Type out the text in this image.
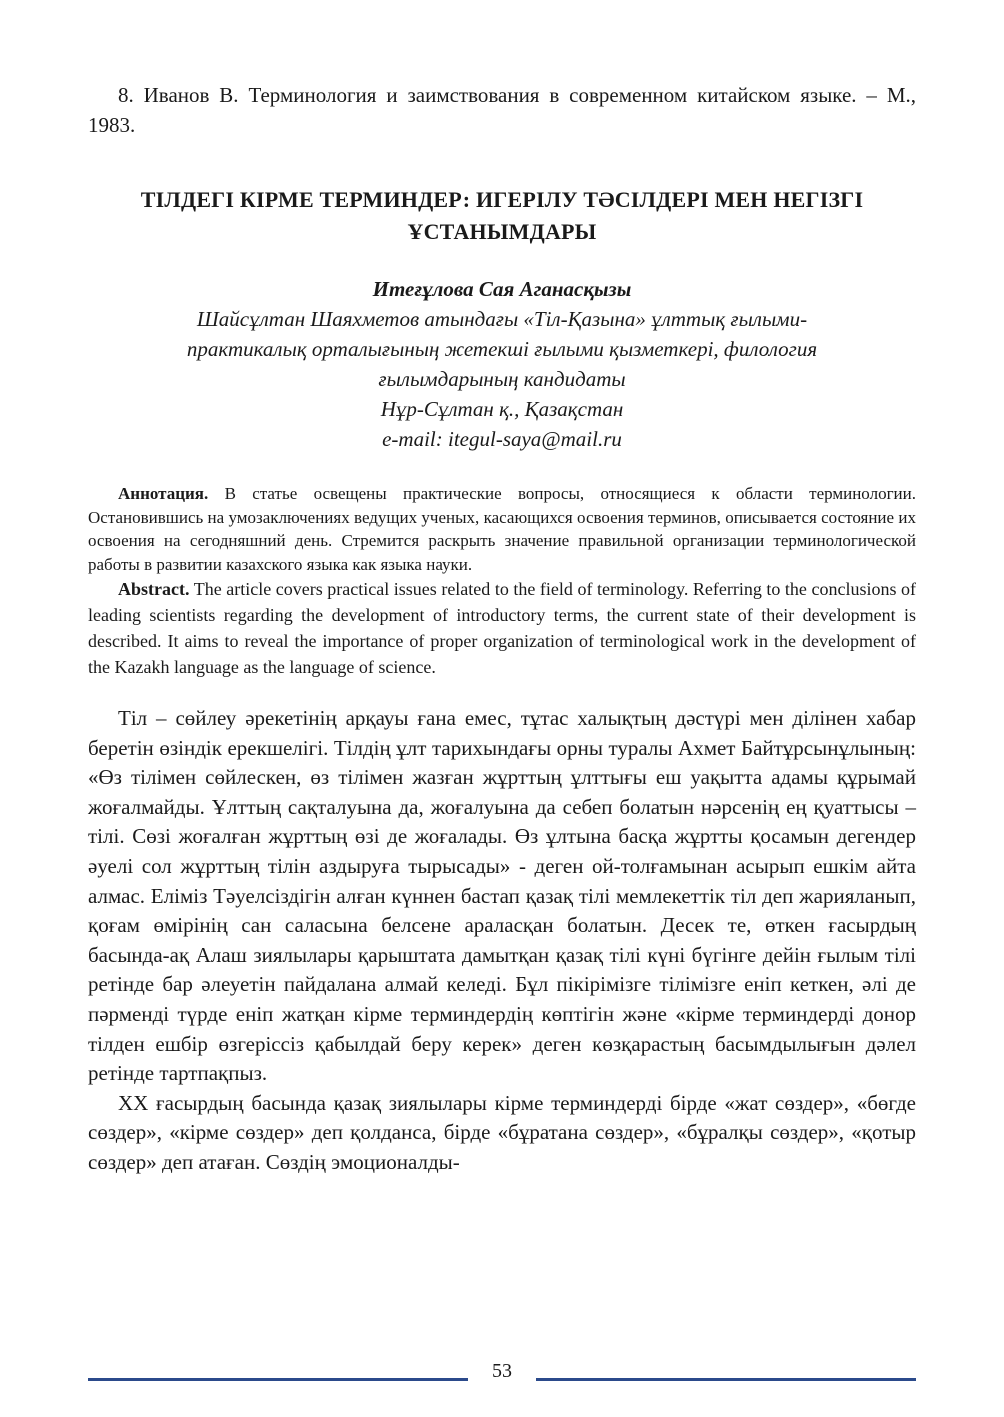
8. Иванов В. Терминология и заимствования в современном китайском языке. – М., 1983.

ТІЛДЕГІ КІРМЕ ТЕРМИНДЕР: ИГЕРІЛУ ТӘСІЛДЕРІ МЕН НЕГІЗГІ
ҰСТАНЫМДАРЫ
Итеғұлова Сая Аганасқызы
Шайсұлтан Шаяхметов атындағы «Тіл-Қазына» ұлттық ғылыми-
практикалық орталығының жетекші ғылыми қызметкері, филология
ғылымдарының кандидаты
Нұр-Сұлтан қ., Қазақстан
e-mail: itegul-saya@mail.ru

Аннотация. В статье освещены практические вопросы, относящиеся к области терминологии. Остановившись на умозаключениях ведущих ученых, касающихся освоения терминов, описывается состояние их освоения на сегодняшний день. Стремится раскрыть значение правильной организации терминологической работы в развитии казахского языка как языка науки.

Abstract. The article covers practical issues related to the field of terminology. Referring to the conclusions of leading scientists regarding the development of introductory terms, the current state of their development is described. It aims to reveal the importance of proper organization of terminological work in the development of the Kazakh language as the language of science.

Тіл – сөйлеу әрекетінің арқауы ғана емес, тұтас халықтың дәстүрі мен ділінен хабар беретін өзіндік ерекшелігі. Тілдің ұлт тарихындағы орны туралы Ахмет Байтұрсынұлының: «Өз тілімен сөйлескен, өз тілімен жазған жұрттың ұлттығы еш уақытта адамы құрымай жоғалмайды. Ұлттың сақталуына да, жоғалуына да себеп болатын нәрсенің ең қуаттысы – тілі. Сөзі жоғалған жұрттың өзі де жоғалады. Өз ұлтына басқа жұртты қосамын дегендер әуелі сол жұрттың тілін аздыруға тырысады» - деген ой-толғамынан асырып ешкім айта алмас. Еліміз Тәуелсіздігін алған күннен бастап қазақ тілі мемлекеттік тіл деп жарияланып, қоғам өмірінің сан саласына белсене араласқан болатын. Десек те, өткен ғасырдың басында-ақ Алаш зиялылары қарыштата дамытқан қазақ тілі күні бүгінге дейін ғылым тілі ретінде бар әлеуетін пайдалана алмай келеді. Бұл пікірімізге тілімізге еніп кеткен, әлі де пәрменді түрде еніп жатқан кірме терминдердің көптігін және «кірме терминдерді донор тілден ешбір өзгеріссіз қабылдай беру керек» деген көзқарастың басымдылығын дәлел ретінде тартпақпыз.

XX ғасырдың басында қазақ зиялылары кірме терминдерді бірде «жат сөздер», «бөгде сөздер», «кірме сөздер» деп қолданса, бірде «бұратана сөздер», «бұралқы сөздер», «қотыр сөздер» деп атаған. Сөздің эмоционалды-

53
